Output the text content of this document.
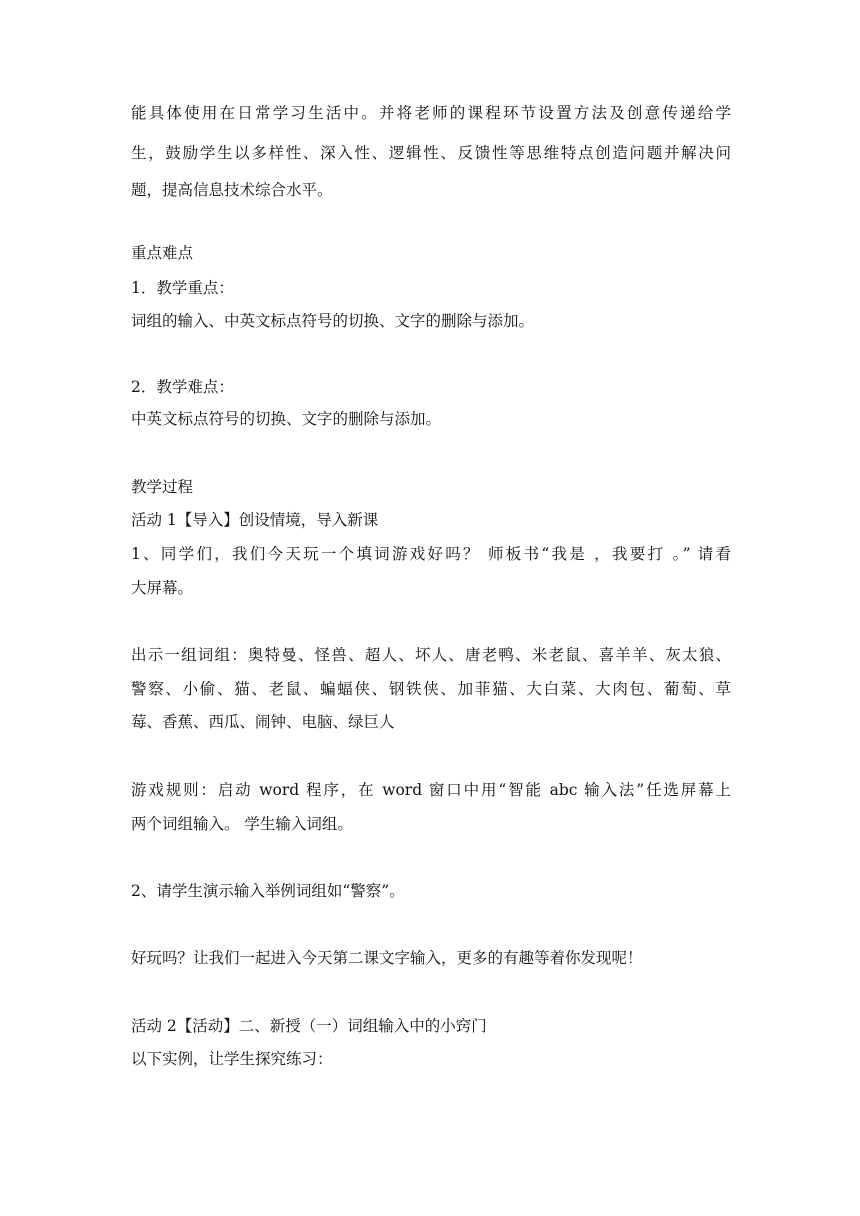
能具体使用在日常学习生活中。并将老师的课程环节设置方法及创意传递给学
生，鼓励学生以多样性、深入性、逻辑性、反馈性等思维特点创造问题并解决问
题，提高信息技术综合水平。
重点难点
1．教学重点：
词组的输入、中英文标点符号的切换、文字的删除与添加。
2．教学难点：
中英文标点符号的切换、文字的删除与添加。
教学过程
活动 1【导入】创设情境，导入新课
1、同学们，我们今天玩一个填词游戏好吗？ 师板书“我是 ，我要打 。” 请看
大屏幕。
出示一组词组：奥特曼、怪兽、超人、坏人、唐老鸭、米老鼠、喜羊羊、灰太狼、
警察、小偷、猫、老鼠、蝙蝠侠、钢铁侠、加菲猫、大白菜、大肉包、葡萄、草
莓、香蕉、西瓜、闹钟、电脑、绿巨人
游戏规则：启动 word 程序，在 word 窗口中用“智能 abc 输入法”任选屏幕上
两个词组输入。 学生输入词组。
2、请学生演示输入举例词组如“警察”。
好玩吗？让我们一起进入今天第二课文字输入，更多的有趣等着你发现呢！
活动 2【活动】二、新授（一）词组输入中的小窍门
以下实例，让学生探究练习：
